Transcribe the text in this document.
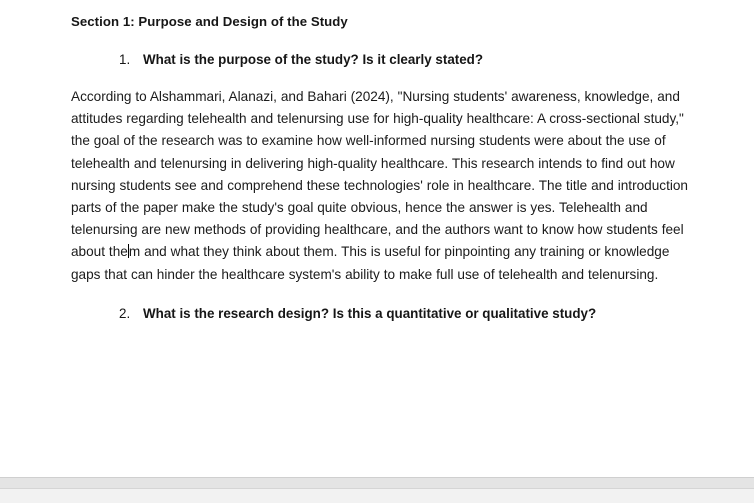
Section 1: Purpose and Design of the Study
1. What is the purpose of the study? Is it clearly stated?

According to Alshammari, Alanazi, and Bahari (2024), "Nursing students' awareness, knowledge, and attitudes regarding telehealth and telenursing use for high-quality healthcare: A cross-sectional study," the goal of the research was to examine how well-informed nursing students were about the use of telehealth and telenursing in delivering high-quality healthcare. This research intends to find out how nursing students see and comprehend these technologies' role in healthcare. The title and introduction parts of the paper make the study's goal quite obvious, hence the answer is yes. Telehealth and telenursing are new methods of providing healthcare, and the authors want to know how students feel about them and what they think about them. This is useful for pinpointing any training or knowledge gaps that can hinder the healthcare system's ability to make full use of telehealth and telenursing.

2. What is the research design? Is this a quantitative or qualitative study?
